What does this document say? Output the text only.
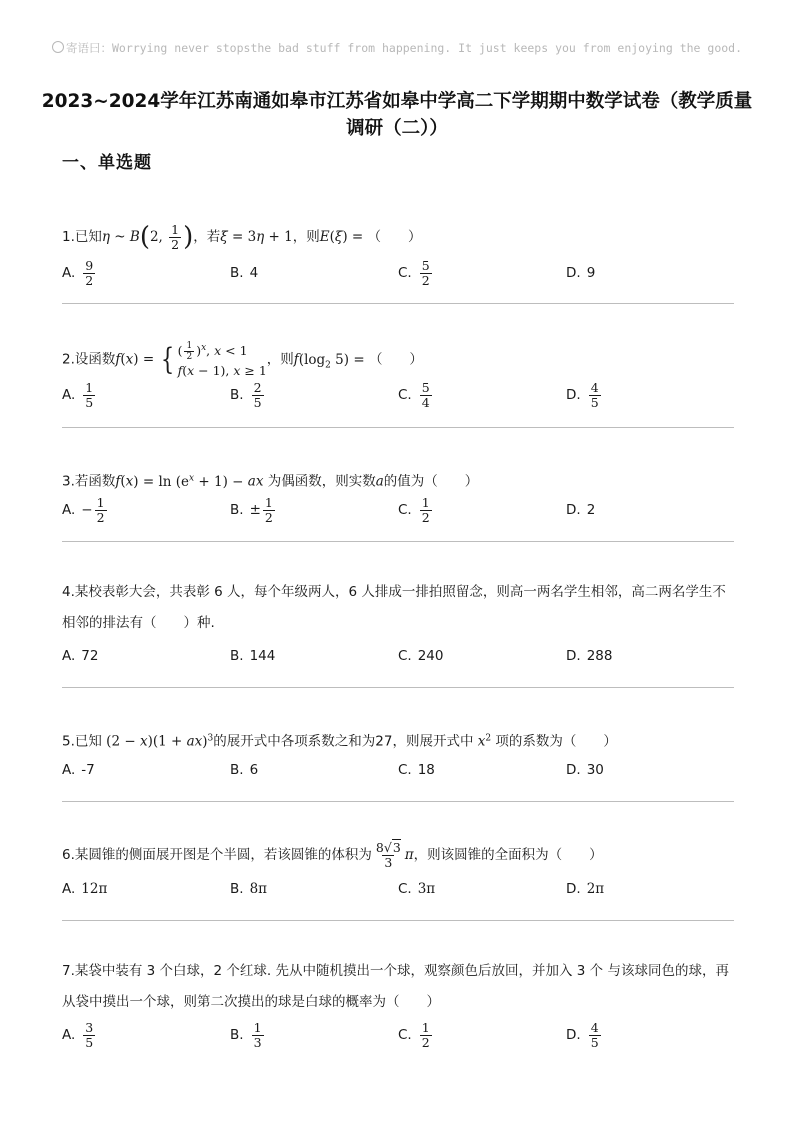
寄语曰：Worrying never stopsthe bad stuff from happening. It just keeps you from enjoying the good.
2023~2024学年江苏南通如皋市江苏省如皋中学高二下学期期中数学试卷（教学质量调研（二））
一、单选题
1.已知η ~ B(2, $\frac{1}{2}$ )，若ξ = 3η + 1，则E(ξ) = （　　）
A. $\frac{9}{2}$	B. 4	C. $\frac{5}{2}$	D. 9
2.设函数f(x) = { ( $\frac{1}{2} )^x$, x < 1
f(x − 1), x ≥ 1
，则$f(\log_2$ 5) = （　　）
A. $\frac{1}{5}$	B. $\frac{2}{5}$	C. $\frac{5}{4}$	D. $\frac{4}{5}$
3.若函数$f(x) = \ln (e^x + 1)$ − ax 为偶函数，则实数a的值为（　　）
A. − $\frac{1}{2}$	B. ± $\frac{1}{2}$	C. $\frac{1}{2}$	D. 2
4.某校表彰大会，共表彰 6 人，每个年级两人，6 人排成一排拍照留念，则高一两名学生相邻，高二两名学生不相邻的排法有（　　）种.
A. 72	B. 144	C. 240	D. 288
5.已知 (2 − x)(1 + ax)$^3$的展开式中各项系数之和为27，则展开式中 $x^2$ 项的系数为（　　）
A. -7	B. 6	C. 18	D. 30
6.某圆锥的侧面展开图是个半圆，若该圆锥的体积为 $\frac{8√3}{3}$ π，则该圆锥的全面积为（　　）
A. 12π	B. 8π	C. 3π	D. 2π
7.某袋中装有 3 个白球，2 个红球. 先从中随机摸出一个球，观察颜色后放回，并加入 3 个 与该球同色的球，再从袋中摸出一个球，则第二次摸出的球是白球的概率为（　　）
A. $\frac{3}{5}$	B. $\frac{1}{3}$	C. $\frac{1}{2}$	D. $\frac{4}{5}$
